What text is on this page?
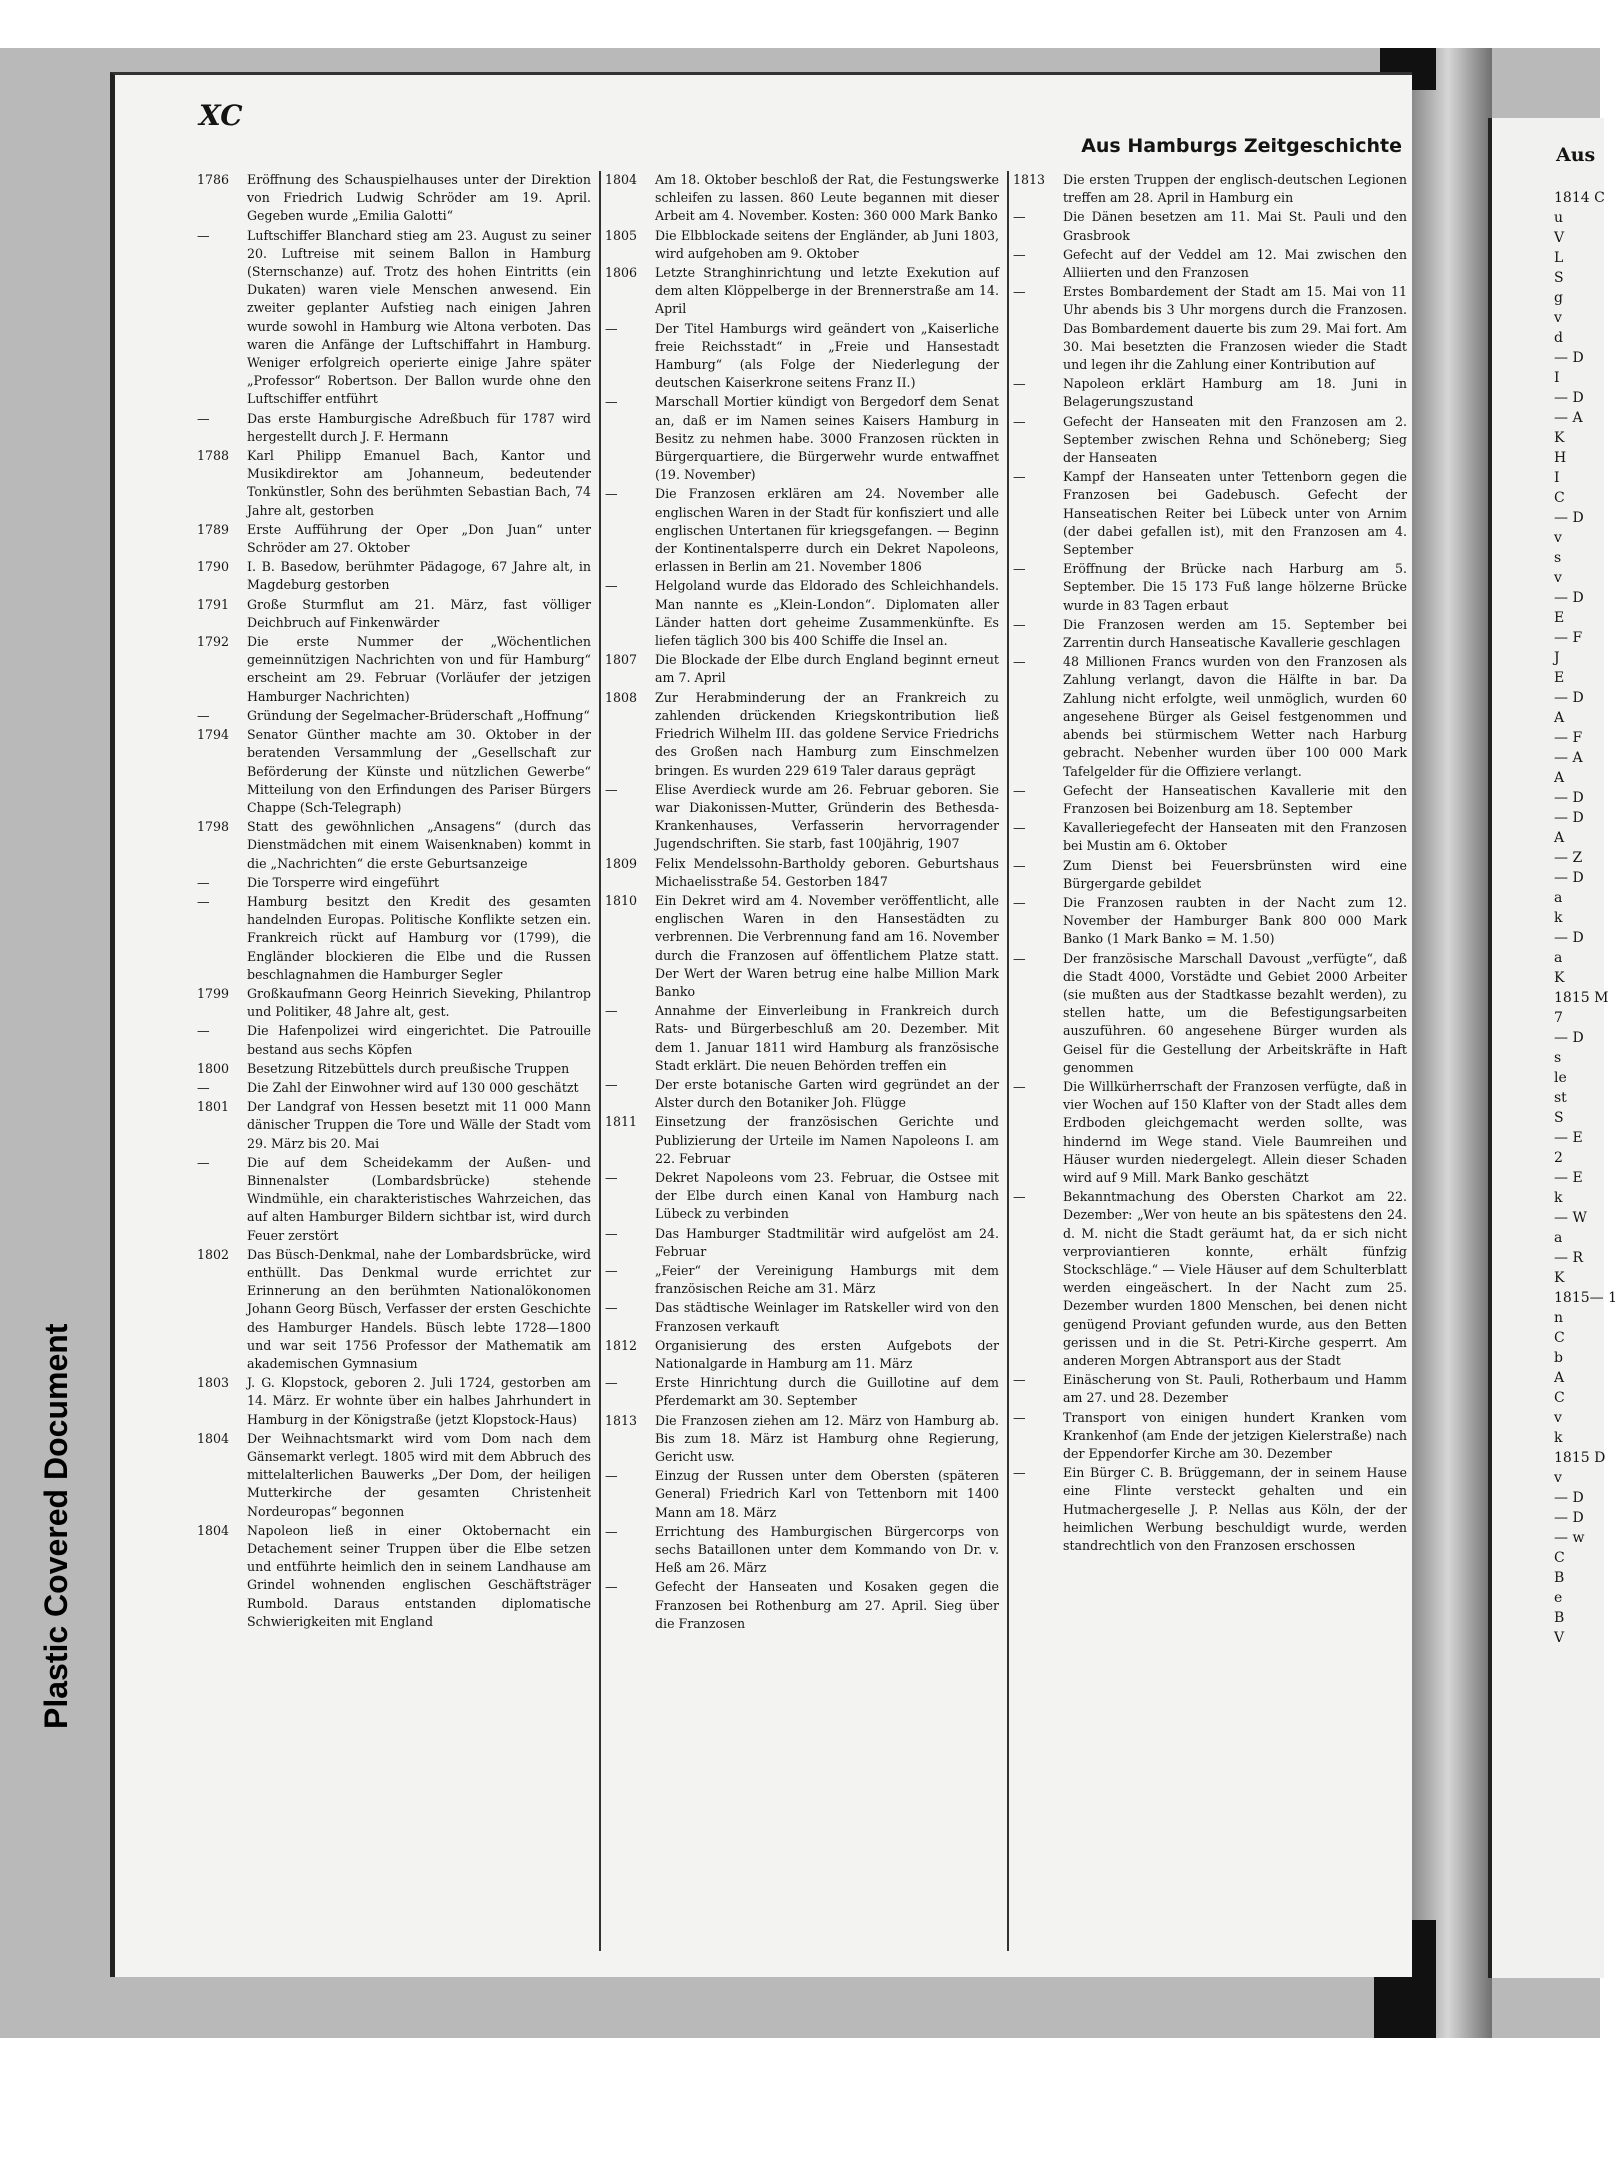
XC
Aus Hamburgs Zeitgeschichte
1786	Eröffnung des Schauspielhauses unter der Direktion von Friedrich Ludwig Schröder am 19. April. Gegeben wurde „Emilia Galotti“
—	Luftschiffer Blanchard stieg am 23. August zu seiner 20. Luftreise mit seinem Ballon in Hamburg (Sternschanze) auf. Trotz des hohen Eintritts (ein Dukaten) waren viele Menschen anwesend. Ein zweiter geplanter Aufstieg nach einigen Jahren wurde sowohl in Hamburg wie Altona verboten. Das waren die Anfänge der Luftschiffahrt in Hamburg. Weniger erfolgreich operierte einige Jahre später „Professor“ Robertson. Der Ballon wurde ohne den Luftschiffer entführt
—	Das erste Hamburgische Adreßbuch für 1787 wird hergestellt durch J. F. Hermann
1788	Karl Philipp Emanuel Bach, Kantor und Musikdirektor am Johanneum, bedeutender Tonkünstler, Sohn des berühmten Sebastian Bach, 74 Jahre alt, gestorben
1789	Erste Aufführung der Oper „Don Juan“ unter Schröder am 27. Oktober
1790	I. B. Basedow, berühmter Pädagoge, 67 Jahre alt, in Magdeburg gestorben
1791	Große Sturmflut am 21. März, fast völliger Deichbruch auf Finkenwärder
1792	Die erste Nummer der „Wöchentlichen gemeinnützigen Nachrichten von und für Hamburg“ erscheint am 29. Februar (Vorläufer der jetzigen Hamburger Nachrichten)
—	Gründung der Segelmacher-Brüderschaft „Hoffnung“
1794	Senator Günther machte am 30. Oktober in der beratenden Versammlung der „Gesellschaft zur Beförderung der Künste und nützlichen Gewerbe“ Mitteilung von den Erfindungen des Pariser Bürgers Chappe (Sch-Telegraph)
1798	Statt des gewöhnlichen „Ansagens“ (durch das Dienstmädchen mit einem Waisenknaben) kommt in die „Nachrichten“ die erste Geburtsanzeige
—	Die Torsperre wird eingeführt
—	Hamburg besitzt den Kredit des gesamten handelnden Europas. Politische Konflikte setzen ein. Frankreich rückt auf Hamburg vor (1799), die Engländer blockieren die Elbe und die Russen beschlagnahmen die Hamburger Segler
1799	Großkaufmann Georg Heinrich Sieveking, Philantrop und Politiker, 48 Jahre alt, gest.
—	Die Hafenpolizei wird eingerichtet. Die Patrouille bestand aus sechs Köpfen
1800	Besetzung Ritzebüttels durch preußische Truppen
—	Die Zahl der Einwohner wird auf 130 000 geschätzt
1801	Der Landgraf von Hessen besetzt mit 11 000 Mann dänischer Truppen die Tore und Wälle der Stadt vom 29. März bis 20. Mai
—	Die auf dem Scheidekamm der Außen- und Binnenalster (Lombardsbrücke) stehende Windmühle, ein charakteristisches Wahrzeichen, das auf alten Hamburger Bildern sichtbar ist, wird durch Feuer zerstört
1802	Das Büsch-Denkmal, nahe der Lombardsbrücke, wird enthüllt. Das Denkmal wurde errichtet zur Erinnerung an den berühmten Nationalökonomen Johann Georg Büsch, Verfasser der ersten Geschichte des Hamburger Handels. Büsch lebte 1728—1800 und war seit 1756 Professor der Mathematik am akademischen Gymnasium
1803	J. G. Klopstock, geboren 2. Juli 1724, gestorben am 14. März. Er wohnte über ein halbes Jahrhundert in Hamburg in der Königstraße (jetzt Klopstock-Haus)
1804	Der Weihnachtsmarkt wird vom Dom nach dem Gänsemarkt verlegt. 1805 wird mit dem Abbruch des mittelalterlichen Bauwerks „Der Dom, der heiligen Mutterkirche der gesamten Christenheit Nordeuropas“ begonnen
1804	Napoleon ließ in einer Oktobernacht ein Detachement seiner Truppen über die Elbe setzen und entführte heimlich den in seinem Landhause am Grindel wohnenden englischen Geschäftsträger Rumbold. Daraus entstanden diplomatische Schwierigkeiten mit England
1804	Am 18. Oktober beschloß der Rat, die Festungswerke schleifen zu lassen. 860 Leute begannen mit dieser Arbeit am 4. November. Kosten: 360 000 Mark Banko
1805	Die Elbblockade seitens der Engländer, ab Juni 1803, wird aufgehoben am 9. Oktober
1806	Letzte Stranghinrichtung und letzte Exekution auf dem alten Klöppelberge in der Brennerstraße am 14. April
—	Der Titel Hamburgs wird geändert von „Kaiserliche freie Reichsstadt“ in „Freie und Hansestadt Hamburg“ (als Folge der Niederlegung der deutschen Kaiserkrone seitens Franz II.)
—	Marschall Mortier kündigt von Bergedorf dem Senat an, daß er im Namen seines Kaisers Hamburg in Besitz zu nehmen habe. 3000 Franzosen rückten in Bürgerquartiere, die Bürgerwehr wurde entwaffnet (19. November)
—	Die Franzosen erklären am 24. November alle englischen Waren in der Stadt für konfisziert und alle englischen Untertanen für kriegsgefangen. — Beginn der Kontinentalsperre durch ein Dekret Napoleons, erlassen in Berlin am 21. November 1806
—	Helgoland wurde das Eldorado des Schleichhandels. Man nannte es „Klein-London“. Diplomaten aller Länder hatten dort geheime Zusammenkünfte. Es liefen täglich 300 bis 400 Schiffe die Insel an.
1807	Die Blockade der Elbe durch England beginnt erneut am 7. April
1808	Zur Herabminderung der an Frankreich zu zahlenden drückenden Kriegskontribution ließ Friedrich Wilhelm III. das goldene Service Friedrichs des Großen nach Hamburg zum Einschmelzen bringen. Es wurden 229 619 Taler daraus geprägt
—	Elise Averdieck wurde am 26. Februar geboren. Sie war Diakonissen-Mutter, Gründerin des Bethesda-Krankenhauses, Verfasserin hervorragender Jugendschriften. Sie starb, fast 100jährig, 1907
1809	Felix Mendelssohn-Bartholdy geboren. Geburtshaus Michaelisstraße 54. Gestorben 1847
1810	Ein Dekret wird am 4. November veröffentlicht, alle englischen Waren in den Hansestädten zu verbrennen. Die Verbrennung fand am 16. November durch die Franzosen auf öffentlichem Platze statt. Der Wert der Waren betrug eine halbe Million Mark Banko
—	Annahme der Einverleibung in Frankreich durch Rats- und Bürgerbeschluß am 20. Dezember. Mit dem 1. Januar 1811 wird Hamburg als französische Stadt erklärt. Die neuen Behörden treffen ein
—	Der erste botanische Garten wird gegründet an der Alster durch den Botaniker Joh. Flügge
1811	Einsetzung der französischen Gerichte und Publizierung der Urteile im Namen Napoleons I. am 22. Februar
—	Dekret Napoleons vom 23. Februar, die Ostsee mit der Elbe durch einen Kanal von Hamburg nach Lübeck zu verbinden
—	Das Hamburger Stadtmilitär wird aufgelöst am 24. Februar
—	„Feier“ der Vereinigung Hamburgs mit dem französischen Reiche am 31. März
—	Das städtische Weinlager im Ratskeller wird von den Franzosen verkauft
1812	Organisierung des ersten Aufgebots der Nationalgarde in Hamburg am 11. März
—	Erste Hinrichtung durch die Guillotine auf dem Pferdemarkt am 30. September
1813	Die Franzosen ziehen am 12. März von Hamburg ab. Bis zum 18. März ist Hamburg ohne Regierung, Gericht usw.
—	Einzug der Russen unter dem Obersten (späteren General) Friedrich Karl von Tettenborn mit 1400 Mann am 18. März
—	Errichtung des Hamburgischen Bürgercorps von sechs Bataillonen unter dem Kommando von Dr. v. Heß am 26. März
—	Gefecht der Hanseaten und Kosaken gegen die Franzosen bei Rothenburg am 27. April. Sieg über die Franzosen
1813	Die ersten Truppen der englisch-deutschen Legionen treffen am 28. April in Hamburg ein
—	Die Dänen besetzen am 11. Mai St. Pauli und den Grasbrook
—	Gefecht auf der Veddel am 12. Mai zwischen den Alliierten und den Franzosen
—	Erstes Bombardement der Stadt am 15. Mai von 11 Uhr abends bis 3 Uhr morgens durch die Franzosen. Das Bombardement dauerte bis zum 29. Mai fort. Am 30. Mai besetzten die Franzosen wieder die Stadt und legen ihr die Zahlung einer Kontribution auf
—	Napoleon erklärt Hamburg am 18. Juni in Belagerungszustand
—	Gefecht der Hanseaten mit den Franzosen am 2. September zwischen Rehna und Schöneberg; Sieg der Hanseaten
—	Kampf der Hanseaten unter Tettenborn gegen die Franzosen bei Gadebusch. Gefecht der Hanseatischen Reiter bei Lübeck unter von Arnim (der dabei gefallen ist), mit den Franzosen am 4. September
—	Eröffnung der Brücke nach Harburg am 5. September. Die 15 173 Fuß lange hölzerne Brücke wurde in 83 Tagen erbaut
—	Die Franzosen werden am 15. September bei Zarrentin durch Hanseatische Kavallerie geschlagen
—	48 Millionen Francs wurden von den Franzosen als Zahlung verlangt, davon die Hälfte in bar. Da Zahlung nicht erfolgte, weil unmöglich, wurden 60 angesehene Bürger als Geisel festgenommen und abends bei stürmischem Wetter nach Harburg gebracht. Nebenher wurden über 100 000 Mark Tafelgelder für die Offiziere verlangt.
—	Gefecht der Hanseatischen Kavallerie mit den Franzosen bei Boizenburg am 18. September
—	Kavalleriegefecht der Hanseaten mit den Franzosen bei Mustin am 6. Oktober
—	Zum Dienst bei Feuersbrünsten wird eine Bürgergarde gebildet
—	Die Franzosen raubten in der Nacht zum 12. November der Hamburger Bank 800 000 Mark Banko (1 Mark Banko = M. 1.50)
—	Der französische Marschall Davoust „verfügte“, daß die Stadt 4000, Vorstädte und Gebiet 2000 Arbeiter (sie mußten aus der Stadtkasse bezahlt werden), zu stellen hatte, um die Befestigungsarbeiten auszuführen. 60 angesehene Bürger wurden als Geisel für die Gestellung der Arbeitskräfte in Haft genommen
—	Die Willkürherrschaft der Franzosen verfügte, daß in vier Wochen auf 150 Klafter von der Stadt alles dem Erdboden gleichgemacht werden sollte, was hindernd im Wege stand. Viele Baumreihen und Häuser wurden niedergelegt. Allein dieser Schaden wird auf 9 Mill. Mark Banko geschätzt
—	Bekanntmachung des Obersten Charkot am 22. Dezember: „Wer von heute an bis spätestens den 24. d. M. nicht die Stadt geräumt hat, da er sich nicht verproviantieren konnte, erhält fünfzig Stockschläge.“ — Viele Häuser auf dem Schulterblatt werden eingeäschert. In der Nacht zum 25. Dezember wurden 1800 Menschen, bei denen nicht genügend Proviant gefunden wurde, aus den Betten gerissen und in die St. Petri-Kirche gesperrt. Am anderen Morgen Abtransport aus der Stadt
—	Einäscherung von St. Pauli, Rotherbaum und Hamm am 27. und 28. Dezember
—	Transport von einigen hundert Kranken vom Krankenhof (am Ende der jetzigen Kielerstraße) nach der Eppendorfer Kirche am 30. Dezember
—	Ein Bürger C. B. Brüggemann, der in seinem Hause eine Flinte versteckt gehalten und ein Hutmachergeselle J. P. Nellas aus Köln, der der heimlichen Werbung beschuldigt wurde, werden standrechtlich von den Franzosen erschossen
Aus
1814 C
u
V
L
S
g
v
d
— D
I
— D
— A
K
H
I
C
— D
v
s
v
— D
E
— F
J
E
— D
A
— F
— A
A
— D
— D
A
— Z
— D
a
k
— D
a
K
1815 M
7
— D
s
le
st
S
— E
2
— E
k
— W
a
— R
K
1815— 1
n
C
b
A
C
v
k
1815 D
v
— D
— D
— w
C
B
e
B
V
Plastic Covered Document
